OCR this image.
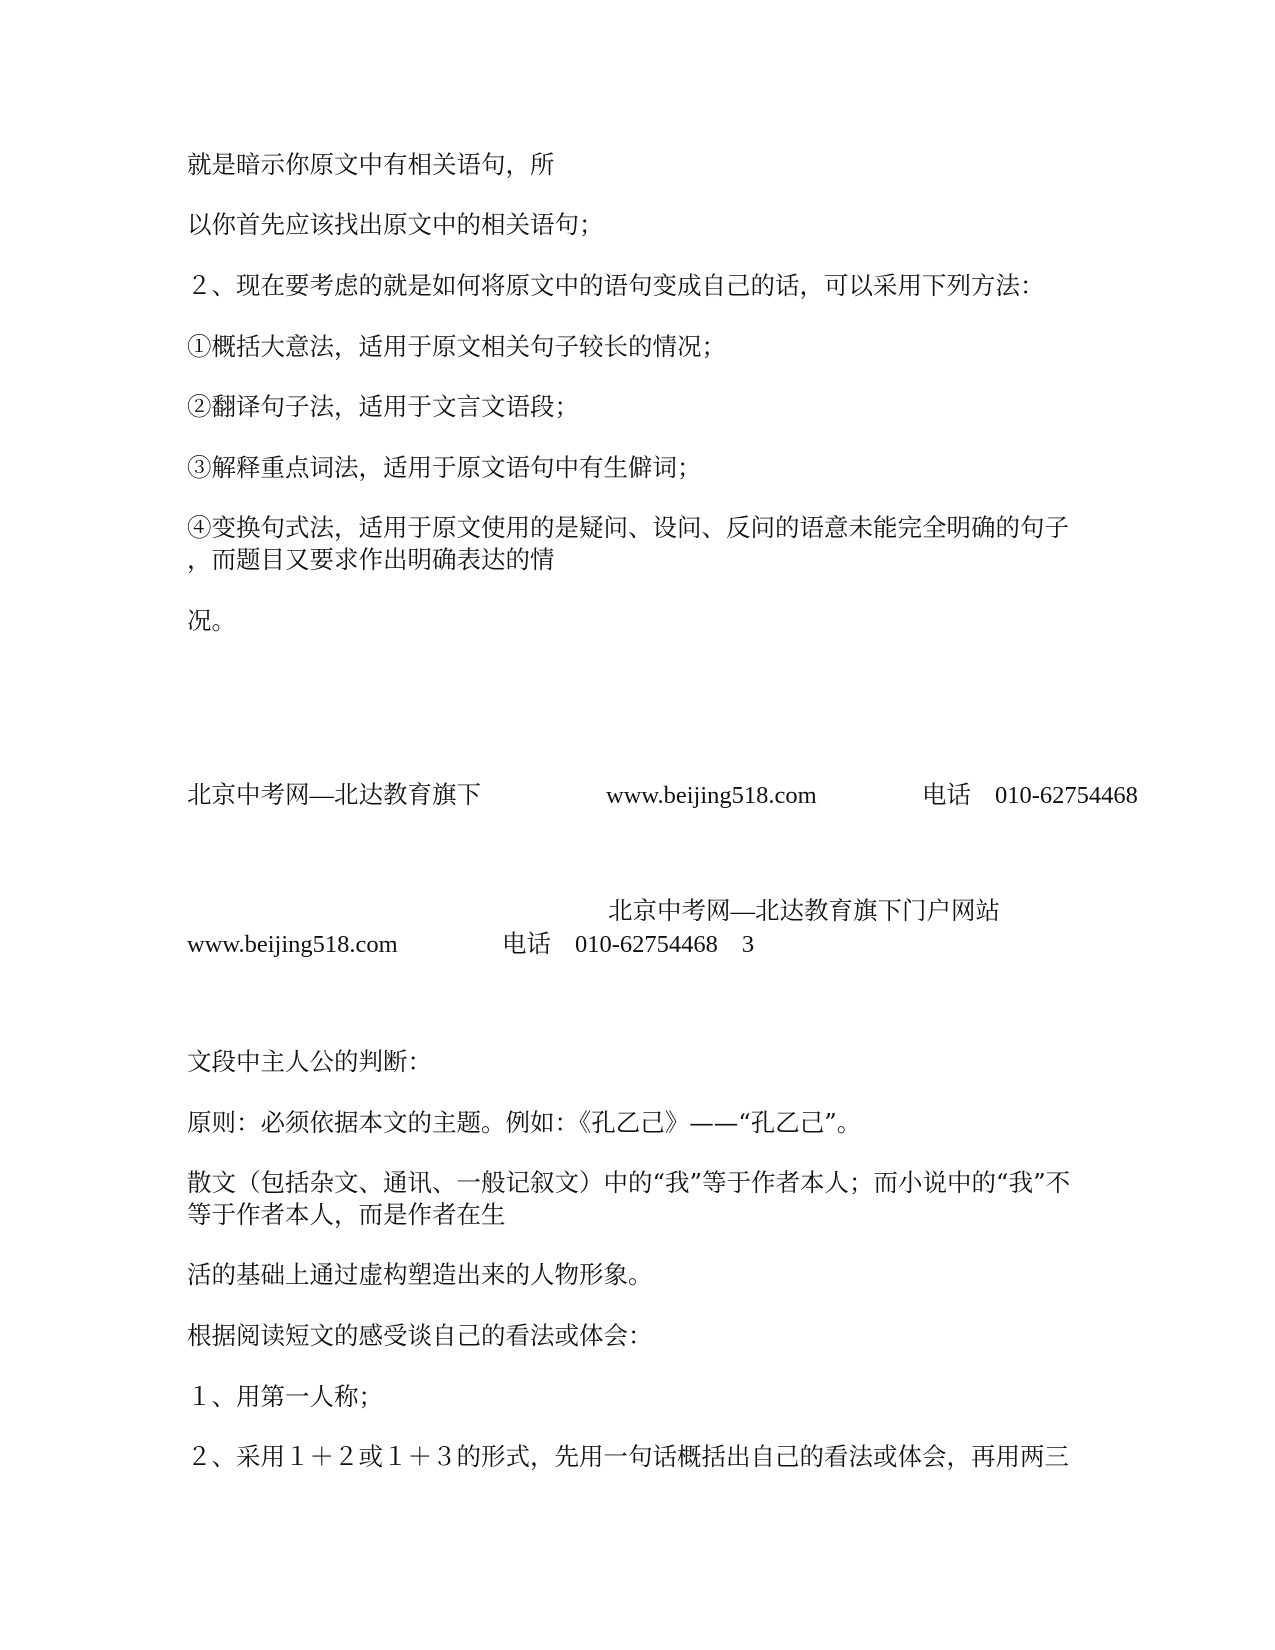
就是暗示你原文中有相关语句，所
以你首先应该找出原文中的相关语句；
２、现在要考虑的就是如何将原文中的语句变成自己的话，可以采用下列方法：
①概括大意法，适用于原文相关句子较长的情况；
②翻译句子法，适用于文言文语段；
③解释重点词法，适用于原文语句中有生僻词；
④变换句式法，适用于原文使用的是疑问、设问、反问的语意未能完全明确的句子
，而题目又要求作出明确表达的情
况。
北京中考网—北达教育旗下	www.beijing518.com	电话 010-62754468
北京中考网—北达教育旗下门户网站
www.beijing518.com	电话 010-62754468 3
文段中主人公的判断：
原则：必须依据本文的主题。例如：《孔乙己》——“孔乙己”。
散文（包括杂文、通讯、一般记叙文）中的“我”等于作者本人；而小说中的“我”不
等于作者本人，而是作者在生
活的基础上通过虚构塑造出来的人物形象。
根据阅读短文的感受谈自己的看法或体会：
１、用第一人称；
２、采用１＋２或１＋３的形式，先用一句话概括出自己的看法或体会，再用两三
